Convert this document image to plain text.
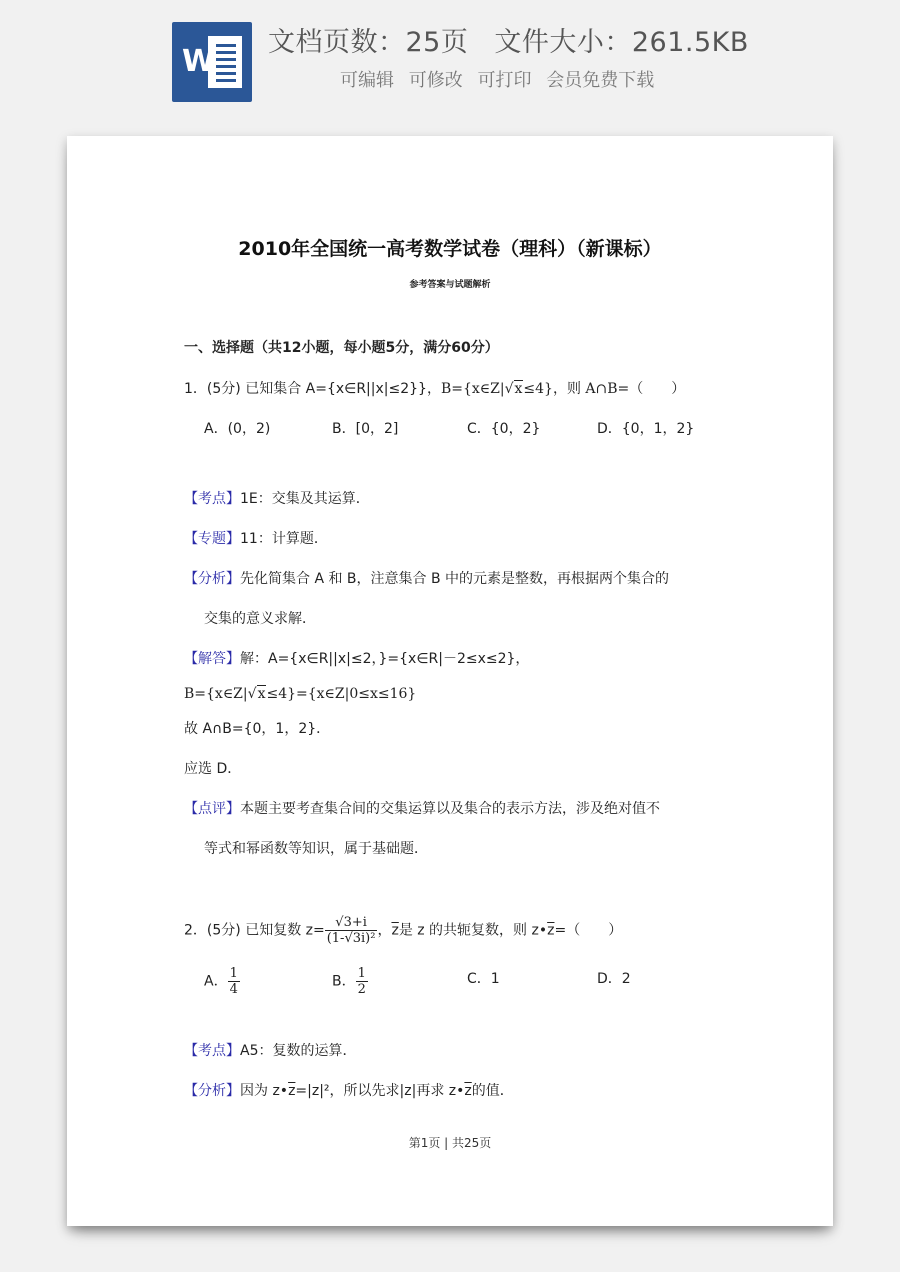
W
文档页数：25页 文件大小：261.5KB
可编辑 可修改 可打印 会员免费下载
2010年全国统一高考数学试卷（理科）（新课标）
参考答案与试题解析
一、选择题（共12小题，每小题5分，满分60分）
1．(5分) 已知集合 A={x∈R||x|≤2}}，B={x∈Z|√x≤4}，则 A∩B=（　　）
A．(0，2)	B．[0，2]	C．{0，2}	D．{0，1，2}
【考点】1E：交集及其运算．
【专题】11：计算题．
【分析】先化简集合 A 和 B，注意集合 B 中的元素是整数，再根据两个集合的
交集的意义求解．
【解答】解：A={x∈R||x|≤2，}={x∈R|－2≤x≤2}，
B={x∈Z|√x≤4}={x∈Z|0≤x≤16}
故 A∩B={0，1，2}．
应选 D．
【点评】本题主要考查集合间的交集运算以及集合的表示方法，涉及绝对值不
等式和幂函数等知识，属于基础题．
2．(5分) 已知复数 $z= \frac{√3+i}{\text{(1-√3i)²}}$ ，$\overline{z}$是 z 的共轭复数，则 $z•\overline{z}=$（　　）
A． $\frac{1}{4}$	B． $\frac{1}{2}$	C．1	D．2
【考点】A5：复数的运算．
【分析】因为 $z•\overline{z}=|z|^2$，所以先求|z|再求 $z•\overline{z}$的值．
第1页 | 共25页
